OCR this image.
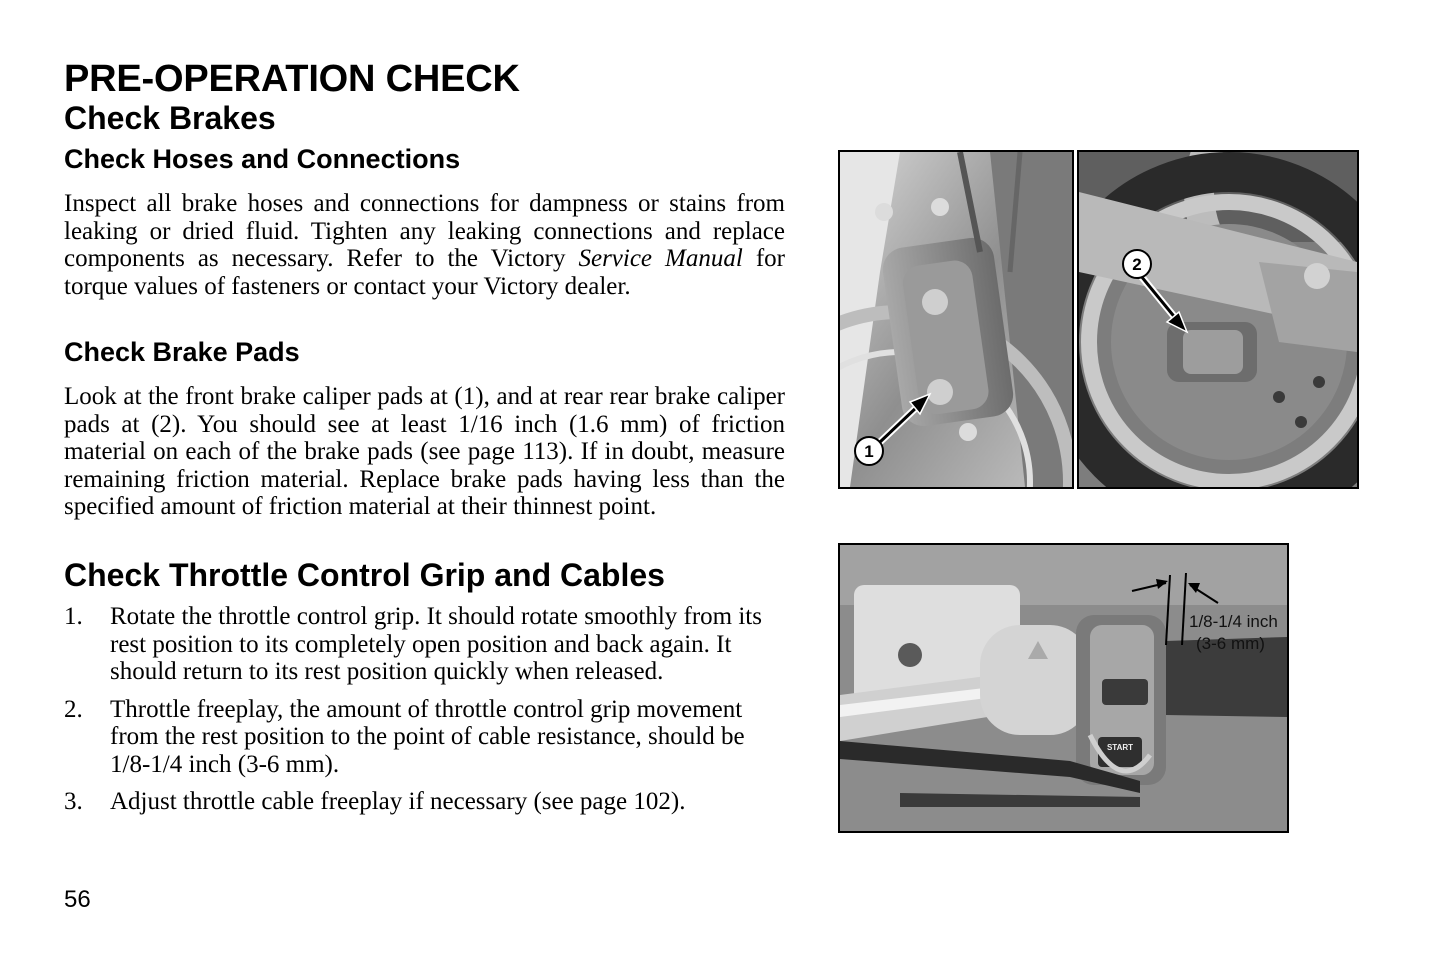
PRE-OPERATION CHECK
Check Brakes
Check Hoses and Connections

Inspect all brake hoses and connections for dampness or stains from leaking or dried fluid. Tighten any leaking connections and replace components as necessary. Refer to the Victory Service Manual for torque values of fasteners or contact your Victory dealer.

Check Brake Pads

Look at the front brake caliper pads at (1), and at rear rear brake caliper pads at (2). You should see at least 1/16 inch (1.6 mm) of friction material on each of the brake pads (see page 113). If in doubt, measure remaining friction material. Replace brake pads having less than the specified amount of friction material at their thinnest point.

Check Throttle Control Grip and Cables
1. Rotate the throttle control grip. It should rotate smoothly from its rest position to its completely open position and back again. It should return to its rest position quickly when released.
2. Throttle freeplay, the amount of throttle control grip movement from the rest position to the point of cable resistance, should be 1/8-1/4 inch (3-6 mm).
3. Adjust throttle cable freeplay if necessary (see page 102).
56
1
2
START
1/8-1/4 inch
(3-6 mm)
